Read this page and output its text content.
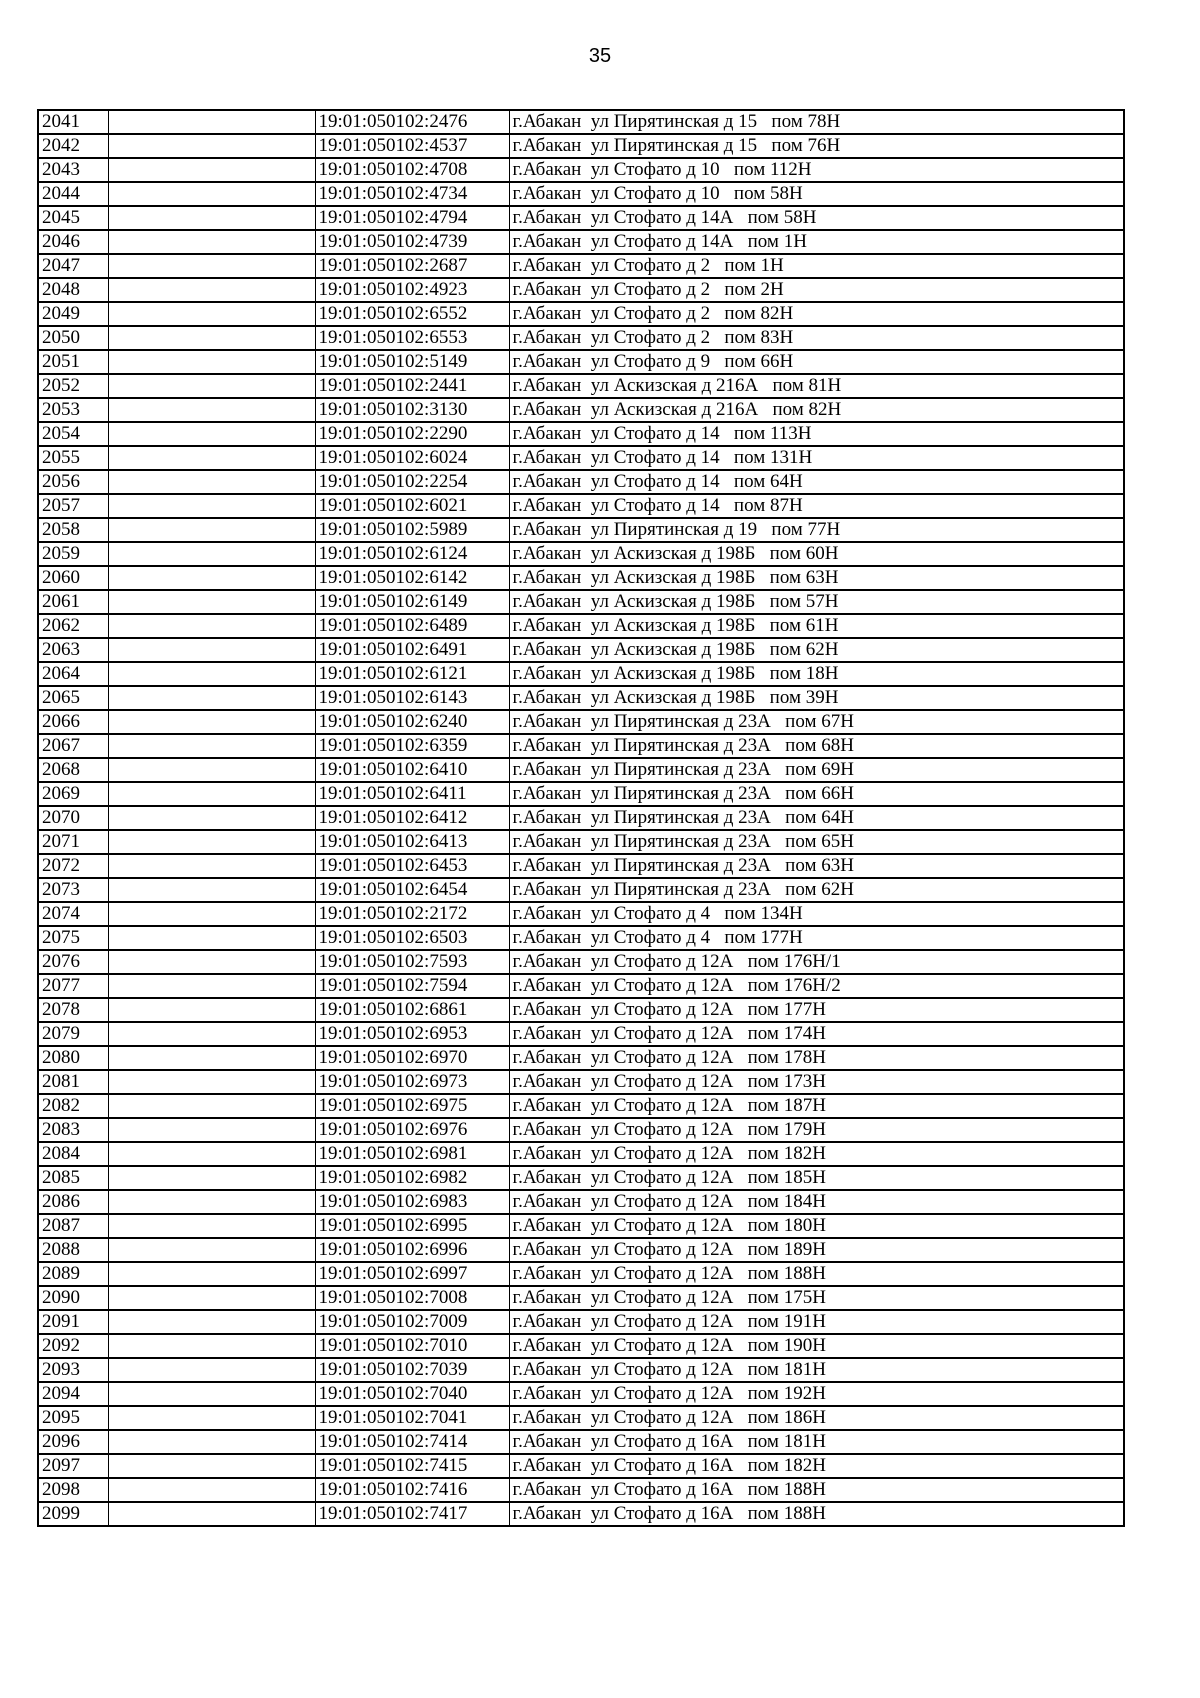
35
2041		19:01:050102:2476	г.Абакан  ул Пирятинская д 15   пом 78Н
2042		19:01:050102:4537	г.Абакан  ул Пирятинская д 15   пом 76Н
2043		19:01:050102:4708	г.Абакан  ул Стофато д 10   пом 112Н
2044		19:01:050102:4734	г.Абакан  ул Стофато д 10   пом 58Н
2045		19:01:050102:4794	г.Абакан  ул Стофато д 14А   пом 58Н
2046		19:01:050102:4739	г.Абакан  ул Стофато д 14А   пом 1Н
2047		19:01:050102:2687	г.Абакан  ул Стофато д 2   пом 1Н
2048		19:01:050102:4923	г.Абакан  ул Стофато д 2   пом 2Н
2049		19:01:050102:6552	г.Абакан  ул Стофато д 2   пом 82Н
2050		19:01:050102:6553	г.Абакан  ул Стофато д 2   пом 83Н
2051		19:01:050102:5149	г.Абакан  ул Стофато д 9   пом 66Н
2052		19:01:050102:2441	г.Абакан  ул Аскизская д 216А   пом 81Н
2053		19:01:050102:3130	г.Абакан  ул Аскизская д 216А   пом 82Н
2054		19:01:050102:2290	г.Абакан  ул Стофато д 14   пом 113Н
2055		19:01:050102:6024	г.Абакан  ул Стофато д 14   пом 131Н
2056		19:01:050102:2254	г.Абакан  ул Стофато д 14   пом 64Н
2057		19:01:050102:6021	г.Абакан  ул Стофато д 14   пом 87Н
2058		19:01:050102:5989	г.Абакан  ул Пирятинская д 19   пом 77Н
2059		19:01:050102:6124	г.Абакан  ул Аскизская д 198Б   пом 60Н
2060		19:01:050102:6142	г.Абакан  ул Аскизская д 198Б   пом 63Н
2061		19:01:050102:6149	г.Абакан  ул Аскизская д 198Б   пом 57Н
2062		19:01:050102:6489	г.Абакан  ул Аскизская д 198Б   пом 61Н
2063		19:01:050102:6491	г.Абакан  ул Аскизская д 198Б   пом 62Н
2064		19:01:050102:6121	г.Абакан  ул Аскизская д 198Б   пом 18Н
2065		19:01:050102:6143	г.Абакан  ул Аскизская д 198Б   пом 39Н
2066		19:01:050102:6240	г.Абакан  ул Пирятинская д 23А   пом 67Н
2067		19:01:050102:6359	г.Абакан  ул Пирятинская д 23А   пом 68Н
2068		19:01:050102:6410	г.Абакан  ул Пирятинская д 23А   пом 69Н
2069		19:01:050102:6411	г.Абакан  ул Пирятинская д 23А   пом 66Н
2070		19:01:050102:6412	г.Абакан  ул Пирятинская д 23А   пом 64Н
2071		19:01:050102:6413	г.Абакан  ул Пирятинская д 23А   пом 65Н
2072		19:01:050102:6453	г.Абакан  ул Пирятинская д 23А   пом 63Н
2073		19:01:050102:6454	г.Абакан  ул Пирятинская д 23А   пом 62Н
2074		19:01:050102:2172	г.Абакан  ул Стофато д 4   пом 134Н
2075		19:01:050102:6503	г.Абакан  ул Стофато д 4   пом 177Н
2076		19:01:050102:7593	г.Абакан  ул Стофато д 12А   пом 176Н/1
2077		19:01:050102:7594	г.Абакан  ул Стофато д 12А   пом 176Н/2
2078		19:01:050102:6861	г.Абакан  ул Стофато д 12А   пом 177Н
2079		19:01:050102:6953	г.Абакан  ул Стофато д 12А   пом 174Н
2080		19:01:050102:6970	г.Абакан  ул Стофато д 12А   пом 178Н
2081		19:01:050102:6973	г.Абакан  ул Стофато д 12А   пом 173Н
2082		19:01:050102:6975	г.Абакан  ул Стофато д 12А   пом 187Н
2083		19:01:050102:6976	г.Абакан  ул Стофато д 12А   пом 179Н
2084		19:01:050102:6981	г.Абакан  ул Стофато д 12А   пом 182Н
2085		19:01:050102:6982	г.Абакан  ул Стофато д 12А   пом 185Н
2086		19:01:050102:6983	г.Абакан  ул Стофато д 12А   пом 184Н
2087		19:01:050102:6995	г.Абакан  ул Стофато д 12А   пом 180Н
2088		19:01:050102:6996	г.Абакан  ул Стофато д 12А   пом 189Н
2089		19:01:050102:6997	г.Абакан  ул Стофато д 12А   пом 188Н
2090		19:01:050102:7008	г.Абакан  ул Стофато д 12А   пом 175Н
2091		19:01:050102:7009	г.Абакан  ул Стофато д 12А   пом 191Н
2092		19:01:050102:7010	г.Абакан  ул Стофато д 12А   пом 190Н
2093		19:01:050102:7039	г.Абакан  ул Стофато д 12А   пом 181Н
2094		19:01:050102:7040	г.Абакан  ул Стофато д 12А   пом 192Н
2095		19:01:050102:7041	г.Абакан  ул Стофато д 12А   пом 186Н
2096		19:01:050102:7414	г.Абакан  ул Стофато д 16А   пом 181Н
2097		19:01:050102:7415	г.Абакан  ул Стофато д 16А   пом 182Н
2098		19:01:050102:7416	г.Абакан  ул Стофато д 16А   пом 188Н
2099		19:01:050102:7417	г.Абакан  ул Стофато д 16А   пом 188Н
